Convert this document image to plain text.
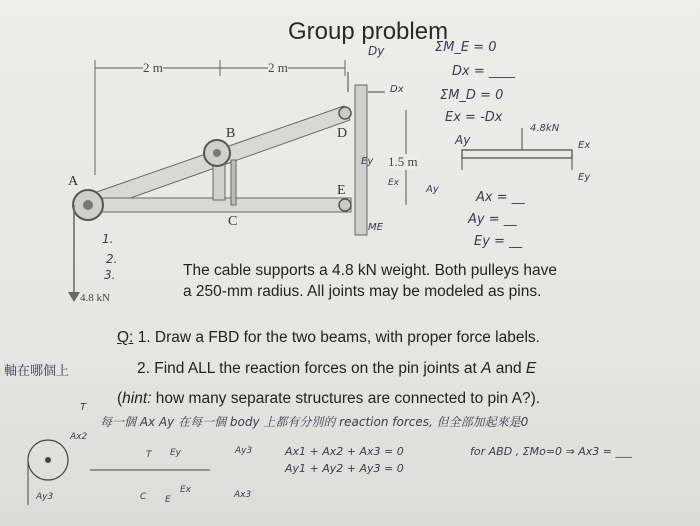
Group problem
2 m	2 m
1.5 m
A
B
C
D
E
4.8 kN
ΣM_E = 0
Dx = ____
ΣM_D = 0
Ex = -Dx
Ay
4.8kN
Ex
Ey
Ax = __
Ay = __
Ey = __
Dy
Dx
Ey
Ex
ME
Ay
1.
2.
3.	The cable supports a 4.8 kN weight. Both pulleys have
a 250-mm radius. All joints may be modeled as pins.
Q: 1. Draw a FBD for the two beams, with proper force labels.
2. Find ALL the reaction forces on the pin joints at A and E
(hint: how many separate structures are connected to pin A?).
軸在哪個上
每一個 Ax Ay 在每一個 body 上都有分別的 reaction forces, 但全部加起來是0
Ax1 + Ax2 + Ax3 = 0
Ay1 + Ay2 + Ay3 = 0
for ABD , ΣMo=0 ⇒ Ax3 = ___
T
Ax2
Ay3
Ay3
T Ey
C E
Ex	Ax3
